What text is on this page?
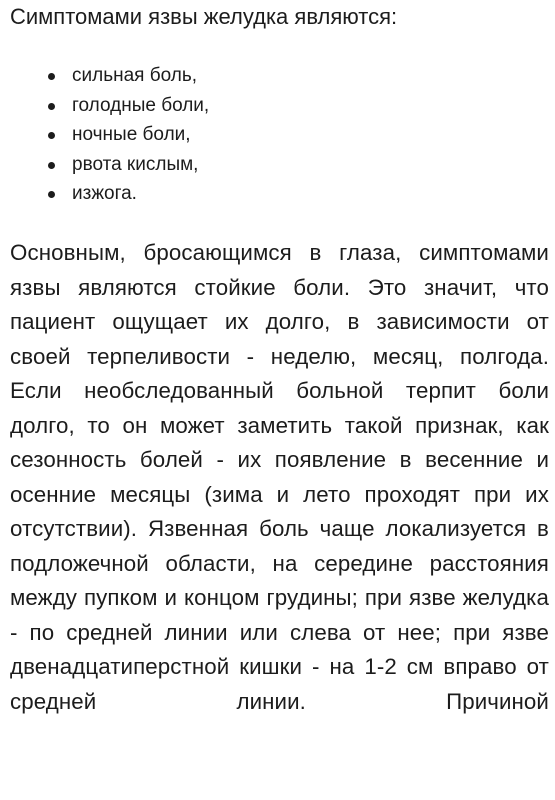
Симптомами язвы желудка являются:
сильная боль,
голодные боли,
ночные боли,
рвота кислым,
изжога.

Основным, бросающимся в глаза, симптомами язвы являются стойкие боли. Это значит, что пациент ощущает их долго, в зависимости от своей терпеливости - неделю, месяц, полгода. Если необследованный больной терпит боли долго, то он может заметить такой признак, как сезонность болей - их появление в весенние и осенние месяцы (зима и лето проходят при их отсутствии). Язвенная боль чаще локализуется в подложечной области, на середине расстояния между пупком и концом грудины; при язве желудка - по средней линии или слева от нее; при язве двенадцатиперстной кишки - на 1-2 см вправо от средней линии. Причиной
